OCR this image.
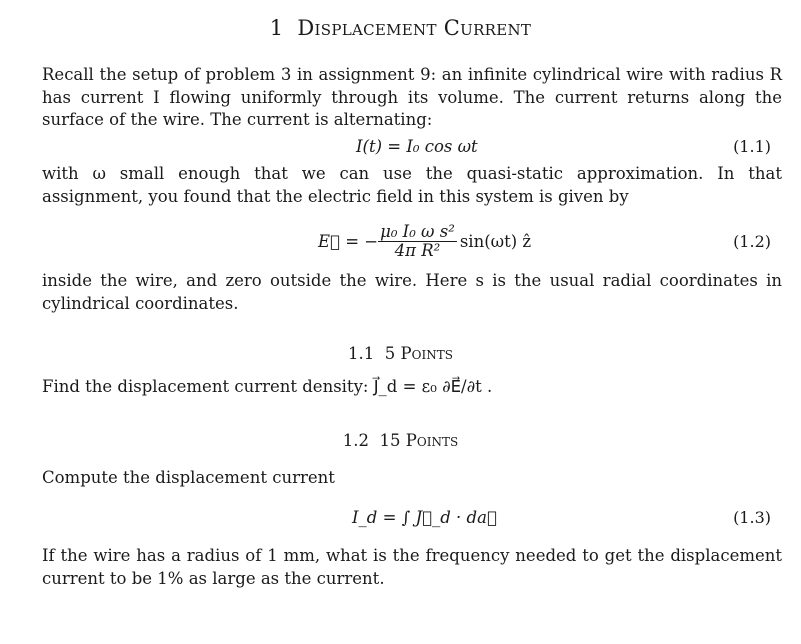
1 Displacement Current
Recall the setup of problem 3 in assignment 9: an infinite cylindrical wire with radius R has current I flowing uniformly through its volume. The current returns along the surface of the wire. The current is alternating:
I(t) = I₀ cos ωt	(1.1)
with ω small enough that we can use the quasi-static approximation. In that assignment, you found that the electric field in this system is given by
E⃗ = − $\frac{\text{μ₀ I₀ ω s²}}{\text{4π R²}} \sin(\omega t)$ ẑ	(1.2)
inside the wire, and zero outside the wire. Here s is the usual radial coordinates in cylindrical coordinates.
1.1 5 Points
Find the displacement current density: J⃗_d = ε₀ ∂E⃗/∂t .
1.2 15 Points
Compute the displacement current
I_d = ∫ J⃗_d · da⃗	(1.3)
If the wire has a radius of 1 mm, what is the frequency needed to get the displacement current to be 1% as large as the current.
